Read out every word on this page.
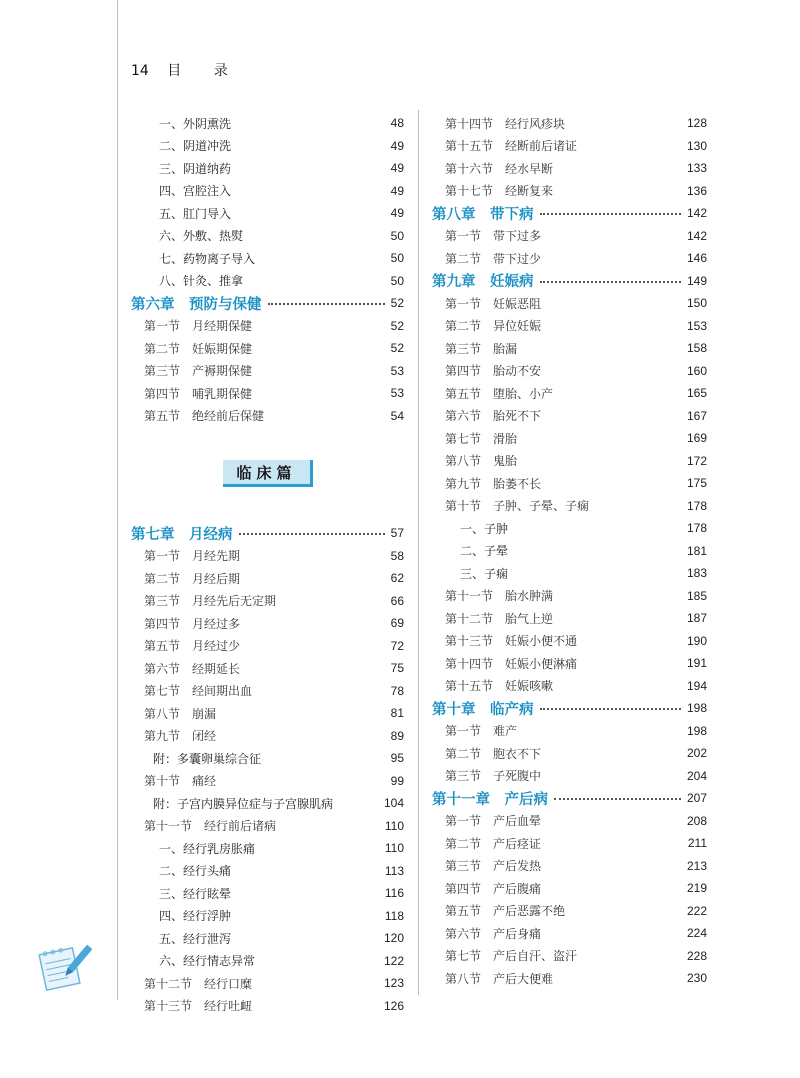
14 目 录
一、外阴熏洗	48
二、阴道冲洗	49
三、阴道纳药	49
四、宫腔注入	49
五、肛门导入	49
六、外敷、热熨	50
七、药物离子导入	50
八、针灸、推拿	50
第六章　预防与保健	52
第一节　月经期保健	52
第二节　妊娠期保健	52
第三节　产褥期保健	53
第四节　哺乳期保健	53
第五节　绝经前后保健	54
临床篇
第七章　月经病	57
第一节　月经先期	58
第二节　月经后期	62
第三节　月经先后无定期	66
第四节　月经过多	69
第五节　月经过少	72
第六节　经期延长	75
第七节　经间期出血	78
第八节　崩漏	81
第九节　闭经	89
附：多囊卵巢综合征	95
第十节　痛经	99
附：子宫内膜异位症与子宫腺肌病	104
第十一节　经行前后诸病	110
一、经行乳房胀痛	110
二、经行头痛	113
三、经行眩晕	116
四、经行浮肿	118
五、经行泄泻	120
六、经行情志异常	122
第十二节　经行口糜	123
第十三节　经行吐衄	126
第十四节　经行风疹块	128
第十五节　经断前后诸证	130
第十六节　经水早断	133
第十七节　经断复来	136
第八章　带下病	142
第一节　带下过多	142
第二节　带下过少	146
第九章　妊娠病	149
第一节　妊娠恶阻	150
第二节　异位妊娠	153
第三节　胎漏	158
第四节　胎动不安	160
第五节　堕胎、小产	165
第六节　胎死不下	167
第七节　滑胎	169
第八节　鬼胎	172
第九节　胎萎不长	175
第十节　子肿、子晕、子痫	178
一、子肿	178
二、子晕	181
三、子痫	183
第十一节　胎水肿满	185
第十二节　胎气上逆	187
第十三节　妊娠小便不通	190
第十四节　妊娠小便淋痛	191
第十五节　妊娠咳嗽	194
第十章　临产病	198
第一节　难产	198
第二节　胞衣不下	202
第三节　子死腹中	204
第十一章　产后病	207
第一节　产后血晕	208
第二节　产后痉证	211
第三节　产后发热	213
第四节　产后腹痛	219
第五节　产后恶露不绝	222
第六节　产后身痛	224
第七节　产后自汗、盗汗	228
第八节　产后大便难	230
